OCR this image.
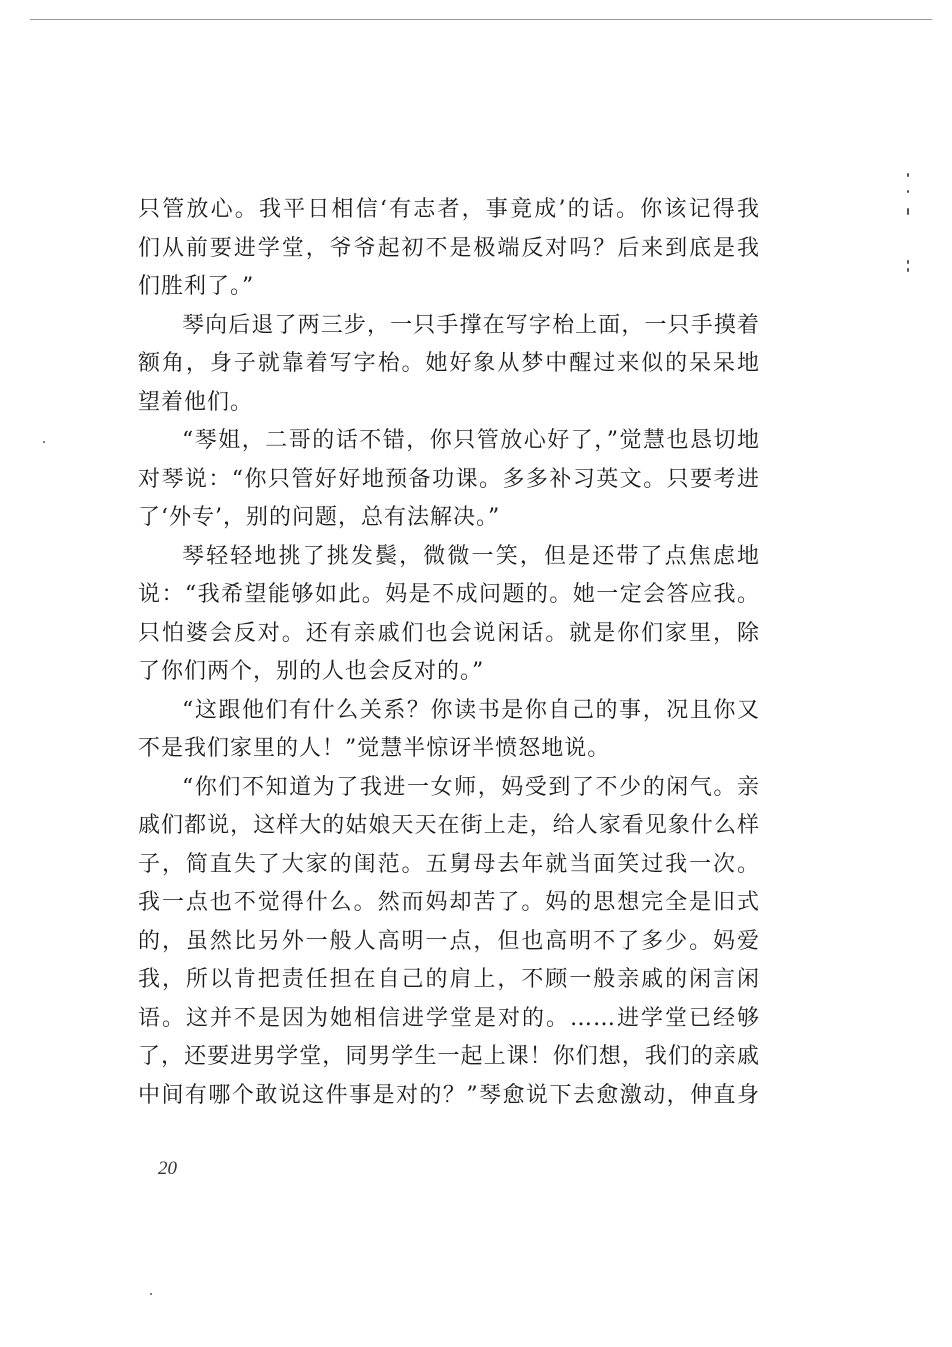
只管放心。我平日相信‘有志者，事竟成’的话。你该记得我
们从前要进学堂，爷爷起初不是极端反对吗？后来到底是我
们胜利了。”
琴向后退了两三步，一只手撑在写字枱上面，一只手摸着
额角，身子就靠着写字枱。她好象从梦中醒过来似的呆呆地
望着他们。
“琴姐，二哥的话不错，你只管放心好了，”觉慧也恳切地
对琴说：“你只管好好地预备功课。多多补习英文。只要考进
了‘外专’，别的问题，总有法解决。”
琴轻轻地挑了挑发鬓，微微一笑，但是还带了点焦虑地
说：“我希望能够如此。妈是不成问题的。她一定会答应我。
只怕婆会反对。还有亲戚们也会说闲话。就是你们家里，除
了你们两个，别的人也会反对的。”
“这跟他们有什么关系？你读书是你自己的事，况且你又
不是我们家里的人！”觉慧半惊讶半愤怒地说。
“你们不知道为了我进一女师，妈受到了不少的闲气。亲
戚们都说，这样大的姑娘天天在街上走，给人家看见象什么样
子，简直失了大家的闺范。五舅母去年就当面笑过我一次。
我一点也不觉得什么。然而妈却苦了。妈的思想完全是旧式
的，虽然比另外一般人高明一点，但也高明不了多少。妈爱
我，所以肯把责任担在自己的肩上，不顾一般亲戚的闲言闲
语。这并不是因为她相信进学堂是对的。……进学堂已经够
了，还要进男学堂，同男学生一起上课！你们想，我们的亲戚
中间有哪个敢说这件事是对的？”琴愈说下去愈激动，伸直身
20
